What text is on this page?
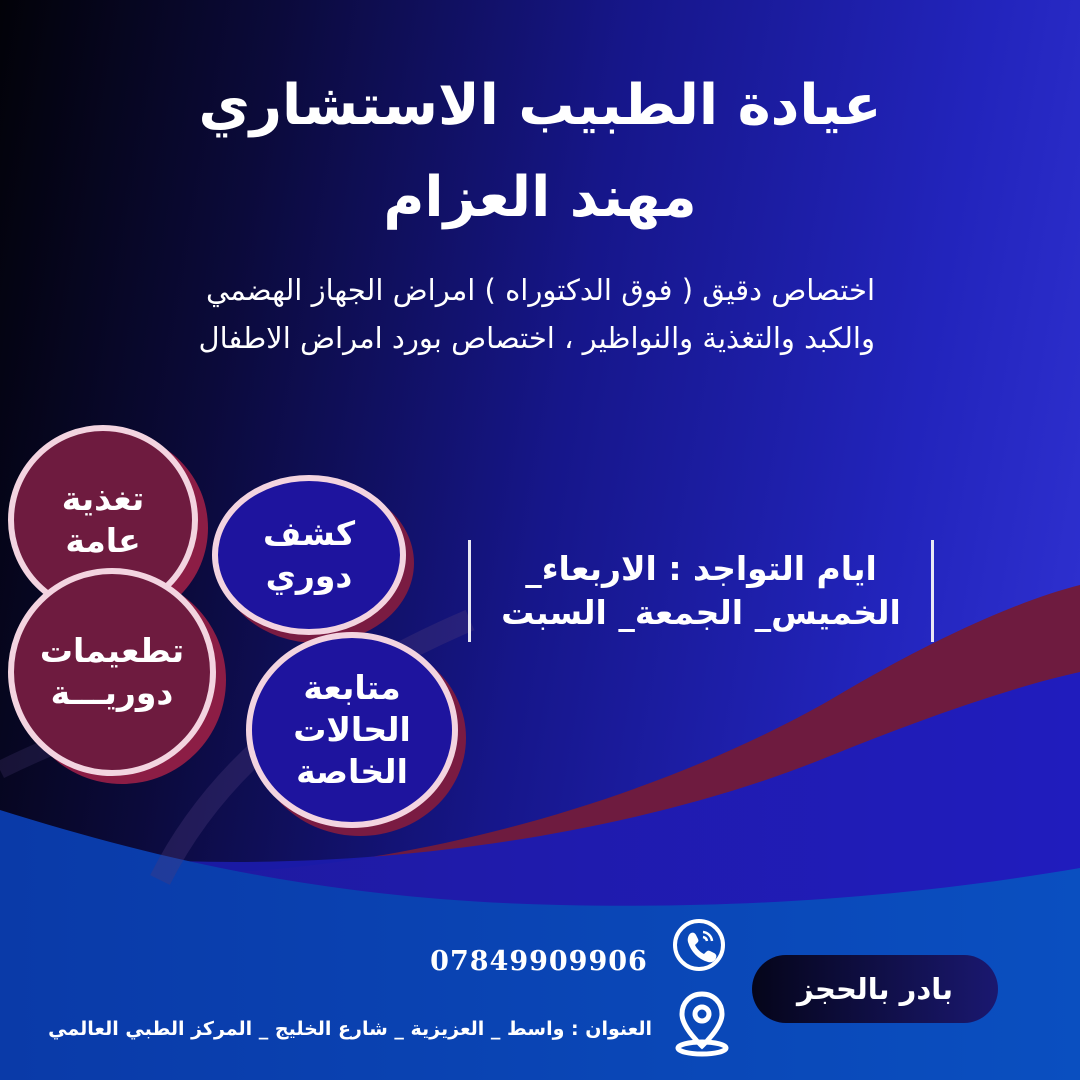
عيادة الطبيب الاستشاري
مهند العزام
اختصاص دقيق ( فوق الدكتوراه ) امراض الجهاز الهضمي والكبد والتغذية والنواظير ، اختصاص بورد امراض الاطفال
تغذية
عامة
تطعيمات
دوريـــة
كشف
دوري
متابعة
الحالات
الخاصة
ايام التواجد : الاربعاء_
الخميس_ الجمعة_ السبت
07849909906
العنوان : واسط _ العزيزية _ شارع الخليج _ المركز الطبي العالمي
بادر بالحجز
